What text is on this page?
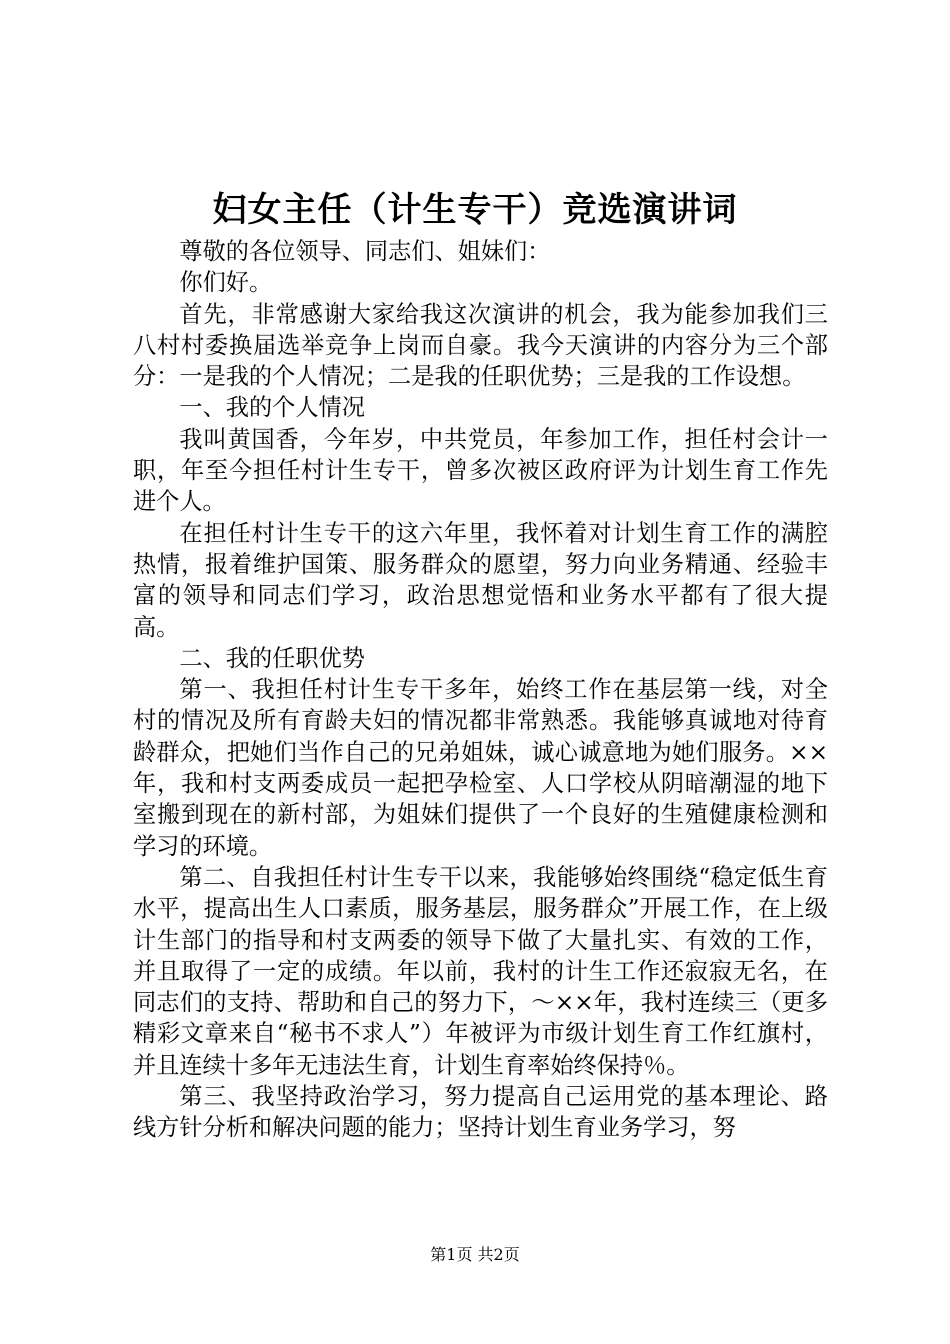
妇女主任（计生专干）竞选演讲词

尊敬的各位领导、同志们、姐妹们：

你们好。

首先，非常感谢大家给我这次演讲的机会，我为能参加我们三八村村委换届选举竞争上岗而自豪。我今天演讲的内容分为三个部分：一是我的个人情况；二是我的任职优势；三是我的工作设想。

一、我的个人情况

我叫黄国香，今年岁，中共党员，年参加工作，担任村会计一职，年至今担任村计生专干，曾多次被区政府评为计划生育工作先进个人。

在担任村计生专干的这六年里，我怀着对计划生育工作的满腔热情，报着维护国策、服务群众的愿望，努力向业务精通、经验丰富的领导和同志们学习，政治思想觉悟和业务水平都有了很大提高。

二、我的任职优势

第一、我担任村计生专干多年，始终工作在基层第一线，对全村的情况及所有育龄夫妇的情况都非常熟悉。我能够真诚地对待育龄群众，把她们当作自己的兄弟姐妹，诚心诚意地为她们服务。××年，我和村支两委成员一起把孕检室、人口学校从阴暗潮湿的地下室搬到现在的新村部，为姐妹们提供了一个良好的生殖健康检测和学习的环境。

第二、自我担任村计生专干以来，我能够始终围绕“稳定低生育水平，提高出生人口素质，服务基层，服务群众”开展工作，在上级计生部门的指导和村支两委的领导下做了大量扎实、有效的工作，并且取得了一定的成绩。年以前，我村的计生工作还寂寂无名，在同志们的支持、帮助和自己的努力下，～××年，我村连续三（更多精彩文章来自“秘书不求人”）年被评为市级计划生育工作红旗村，并且连续十多年无违法生育，计划生育率始终保持％。

第三、我坚持政治学习，努力提高自己运用党的基本理论、路线方针分析和解决问题的能力；坚持计划生育业务学习，努

第1页 共2页
